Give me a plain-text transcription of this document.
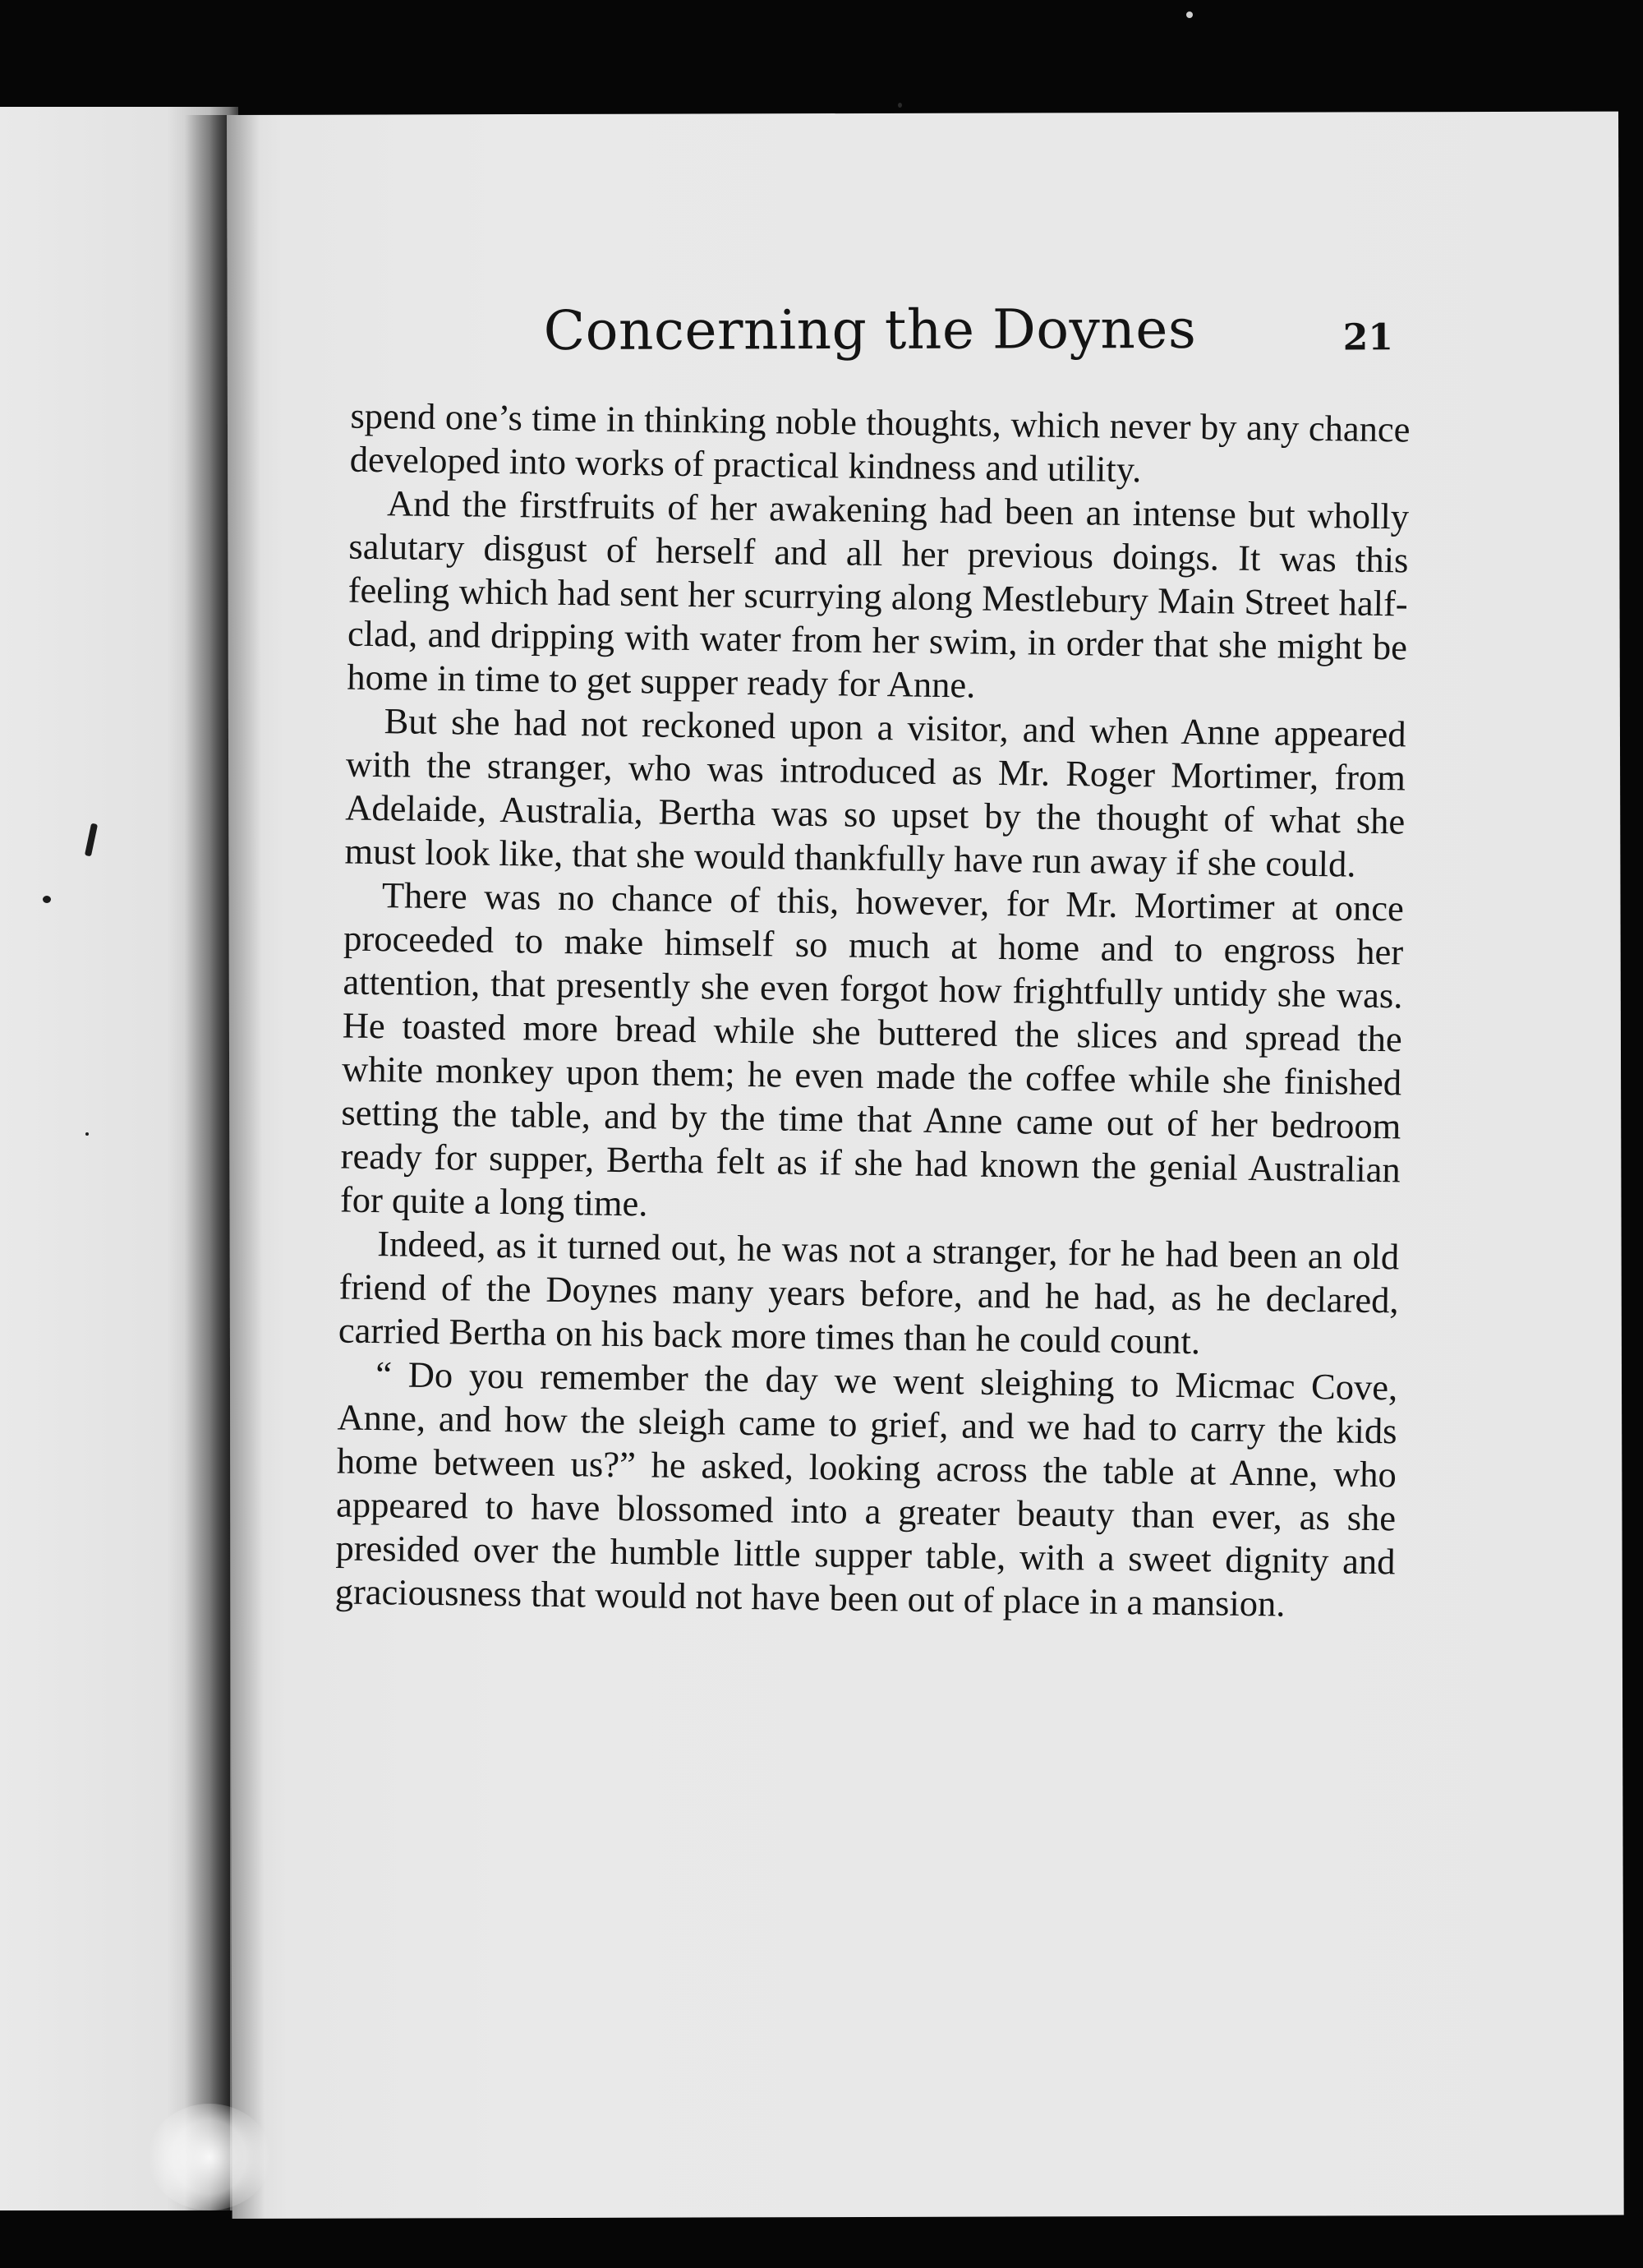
Concerning the Doynes	21

spend one’s time in thinking noble thoughts, which never by any chance developed into works of practical kindness and utility.

And the firstfruits of her awakening had been an intense but wholly salutary disgust of herself and all her previous doings. It was this feeling which had sent her scurrying along Mestlebury Main Street half-clad, and dripping with water from her swim, in order that she might be home in time to get supper ready for Anne.

But she had not reckoned upon a visitor, and when Anne appeared with the stranger, who was introduced as Mr. Roger Mortimer, from Adelaide, Australia, Bertha was so upset by the thought of what she must look like, that she would thankfully have run away if she could.

There was no chance of this, however, for Mr. Mortimer at once proceeded to make himself so much at home and to engross her attention, that presently she even forgot how frightfully untidy she was. He toasted more bread while she buttered the slices and spread the white monkey upon them; he even made the coffee while she finished setting the table, and by the time that Anne came out of her bedroom ready for supper, Bertha felt as if she had known the genial Australian for quite a long time.

Indeed, as it turned out, he was not a stranger, for he had been an old friend of the Doynes many years before, and he had, as he declared, carried Bertha on his back more times than he could count.

“ Do you remember the day we went sleighing to Micmac Cove, Anne, and how the sleigh came to grief, and we had to carry the kids home between us?” he asked, looking across the table at Anne, who appeared to have blossomed into a greater beauty than ever, as she presided over the humble little supper table, with a sweet dignity and graciousness that would not have been out of place in a mansion.
